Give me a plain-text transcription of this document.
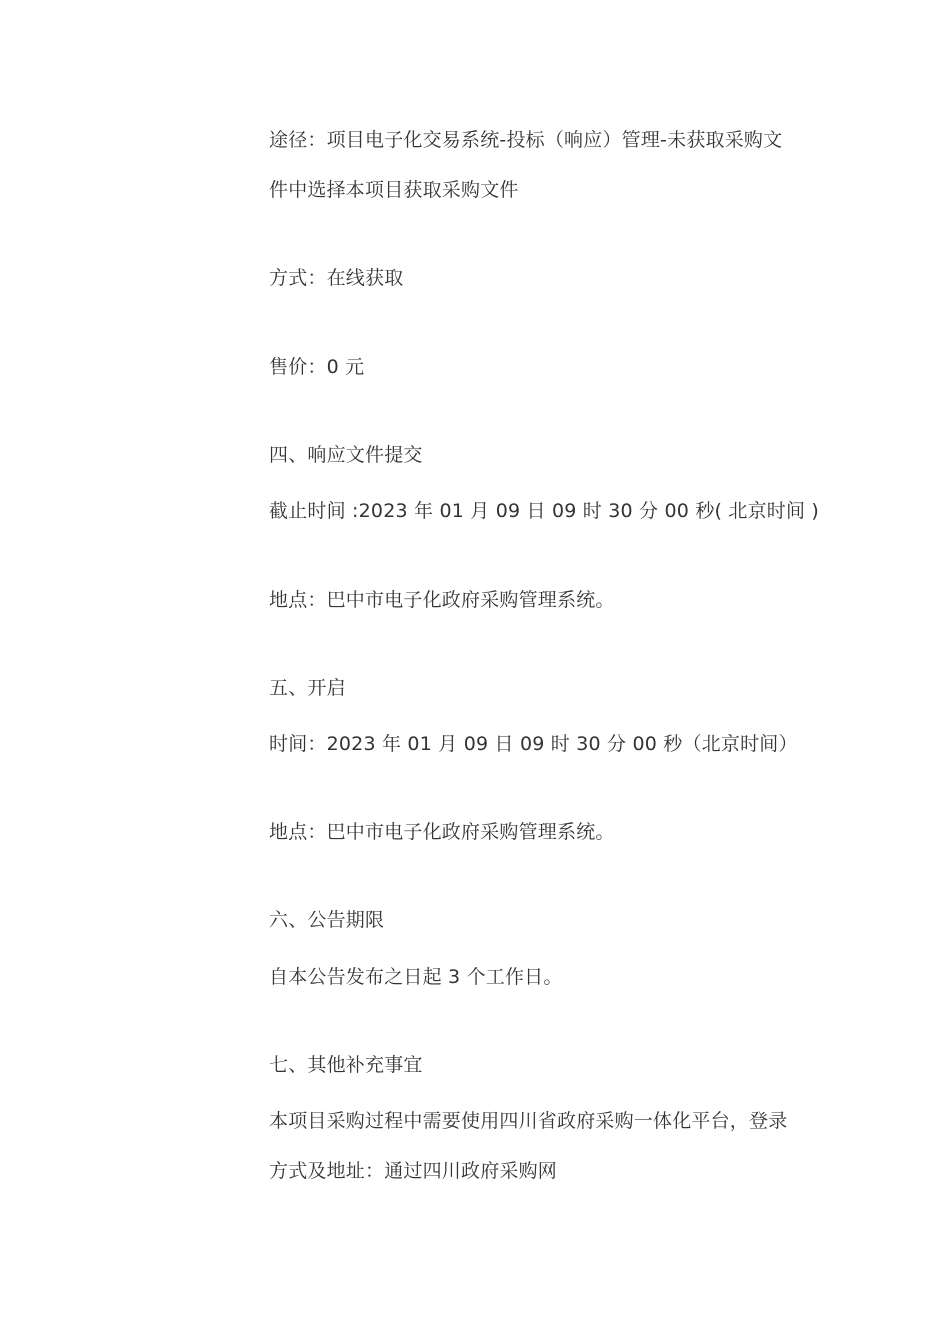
途径：项目电子化交易系统-投标（响应）管理-未获取采购文
件中选择本项目获取采购文件
方式：在线获取
售价：0 元
四、响应文件提交
截止时间 :2023 年 01 月 09 日 09 时 30 分 00 秒( 北京时间 )
地点：巴中市电子化政府采购管理系统。
五、开启
时间：2023 年 01 月 09 日 09 时 30 分 00 秒（北京时间）
地点：巴中市电子化政府采购管理系统。
六、公告期限
自本公告发布之日起 3 个工作日。
七、其他补充事宜
本项目采购过程中需要使用四川省政府采购一体化平台，登录
方式及地址：通过四川政府采购网
